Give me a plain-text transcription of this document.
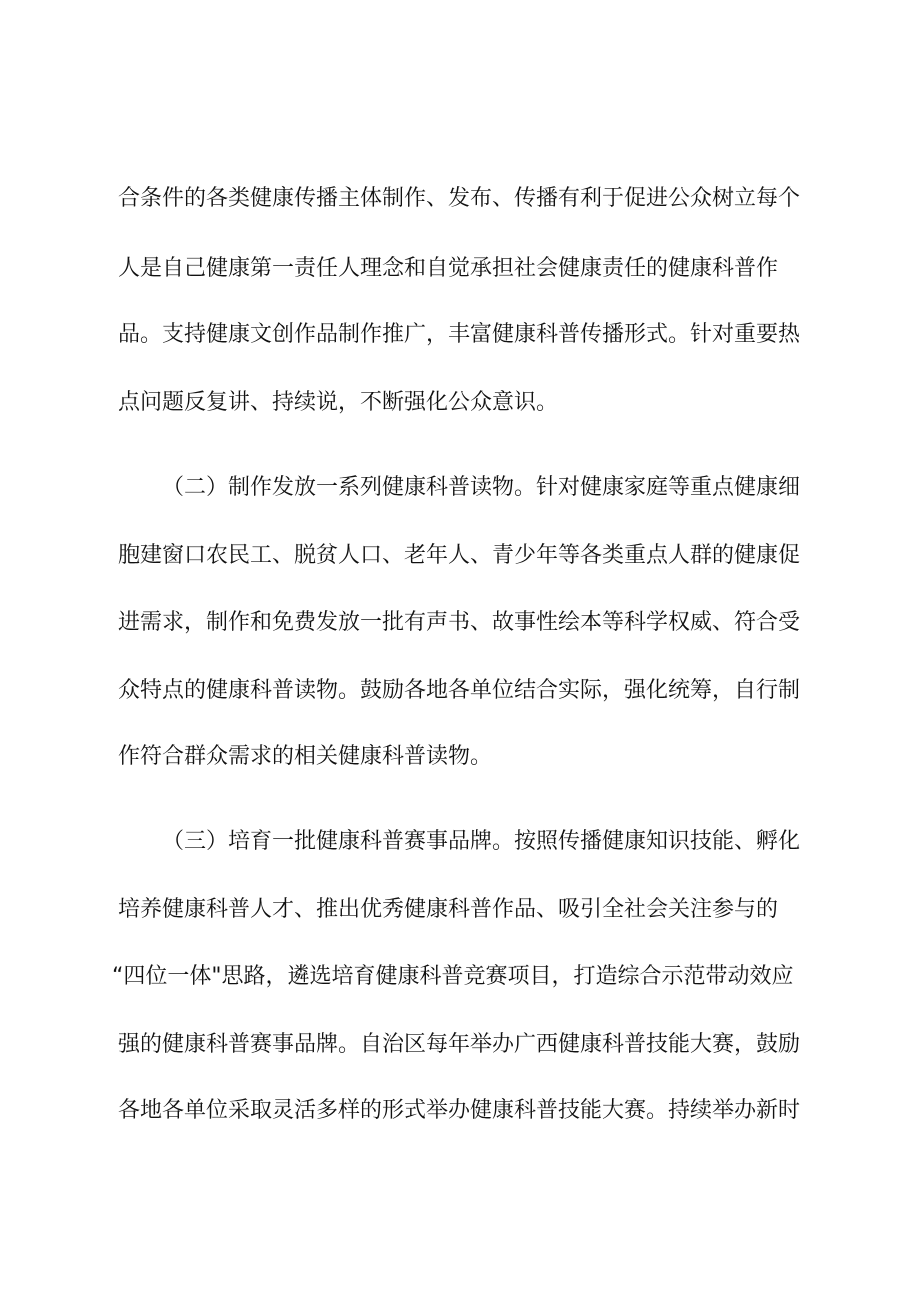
合条件的各类健康传播主体制作、发布、传播有利于促进公众树立每个
人是自己健康第一责任人理念和自觉承担社会健康责任的健康科普作
品。支持健康文创作品制作推广，丰富健康科普传播形式。针对重要热
点问题反复讲、持续说，不断强化公众意识。
（二）制作发放一系列健康科普读物。针对健康家庭等重点健康细
胞建窗口农民工、脱贫人口、老年人、青少年等各类重点人群的健康促
进需求，制作和免费发放一批有声书、故事性绘本等科学权威、符合受
众特点的健康科普读物。鼓励各地各单位结合实际，强化统筹，自行制
作符合群众需求的相关健康科普读物。
（三）培育一批健康科普赛事品牌。按照传播健康知识技能、孵化
培养健康科普人才、推出优秀健康科普作品、吸引全社会关注参与的
“四位一体"思路，遴选培育健康科普竞赛项目，打造综合示范带动效应
强的健康科普赛事品牌。自治区每年举办广西健康科普技能大赛，鼓励
各地各单位采取灵活多样的形式举办健康科普技能大赛。持续举办新时
